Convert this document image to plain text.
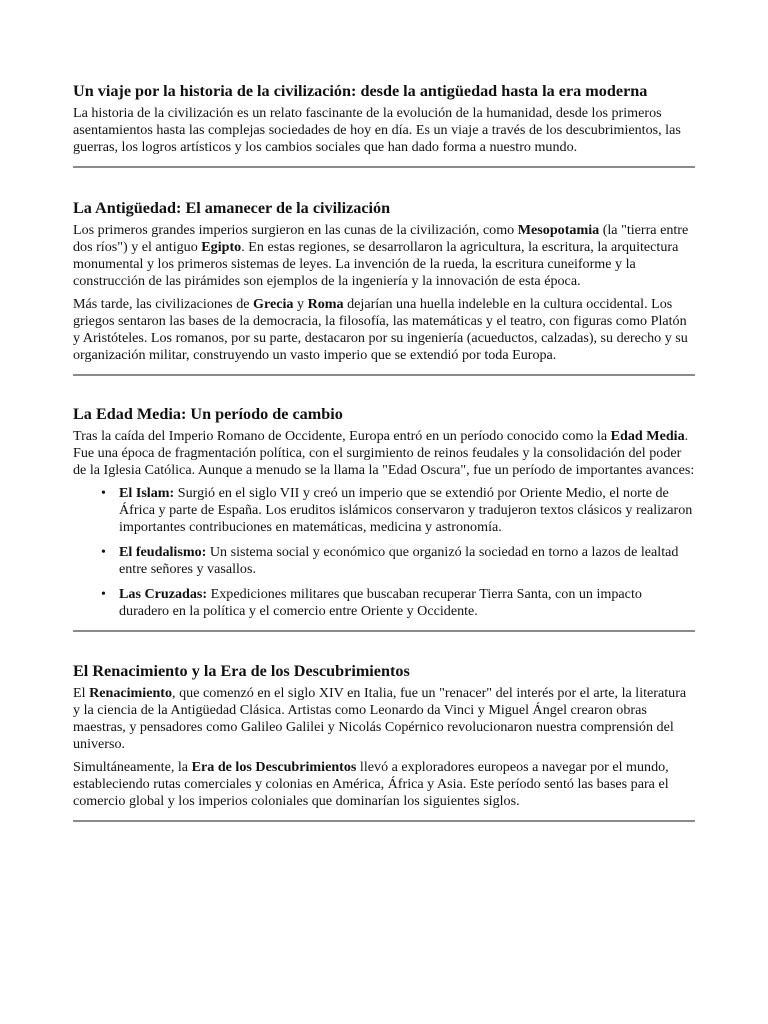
Un viaje por la historia de la civilización: desde la antigüedad hasta la era moderna

La historia de la civilización es un relato fascinante de la evolución de la humanidad, desde los primeros asentamientos hasta las complejas sociedades de hoy en día. Es un viaje a través de los descubrimientos, las guerras, los logros artísticos y los cambios sociales que han dado forma a nuestro mundo.

La Antigüedad: El amanecer de la civilización

Los primeros grandes imperios surgieron en las cunas de la civilización, como Mesopotamia (la "tierra entre dos ríos") y el antiguo Egipto. En estas regiones, se desarrollaron la agricultura, la escritura, la arquitectura monumental y los primeros sistemas de leyes. La invención de la rueda, la escritura cuneiforme y la construcción de las pirámides son ejemplos de la ingeniería y la innovación de esta época.

Más tarde, las civilizaciones de Grecia y Roma dejarían una huella indeleble en la cultura occidental. Los griegos sentaron las bases de la democracia, la filosofía, las matemáticas y el teatro, con figuras como Platón y Aristóteles. Los romanos, por su parte, destacaron por su ingeniería (acueductos, calzadas), su derecho y su organización militar, construyendo un vasto imperio que se extendió por toda Europa.

La Edad Media: Un período de cambio

Tras la caída del Imperio Romano de Occidente, Europa entró en un período conocido como la Edad Media. Fue una época de fragmentación política, con el surgimiento de reinos feudales y la consolidación del poder de la Iglesia Católica. Aunque a menudo se la llama la "Edad Oscura", fue un período de importantes avances:

• El Islam: Surgió en el siglo VII y creó un imperio que se extendió por Oriente Medio, el norte de África y parte de España. Los eruditos islámicos conservaron y tradujeron textos clásicos y realizaron importantes contribuciones en matemáticas, medicina y astronomía.
• El feudalismo: Un sistema social y económico que organizó la sociedad en torno a lazos de lealtad entre señores y vasallos.
• Las Cruzadas: Expediciones militares que buscaban recuperar Tierra Santa, con un impacto duradero en la política y el comercio entre Oriente y Occidente.
El Renacimiento y la Era de los Descubrimientos

El Renacimiento, que comenzó en el siglo XIV en Italia, fue un "renacer" del interés por el arte, la literatura y la ciencia de la Antigüedad Clásica. Artistas como Leonardo da Vinci y Miguel Ángel crearon obras maestras, y pensadores como Galileo Galilei y Nicolás Copérnico revolucionaron nuestra comprensión del universo.

Simultáneamente, la Era de los Descubrimientos llevó a exploradores europeos a navegar por el mundo, estableciendo rutas comerciales y colonias en América, África y Asia. Este período sentó las bases para el comercio global y los imperios coloniales que dominarían los siguientes siglos.
